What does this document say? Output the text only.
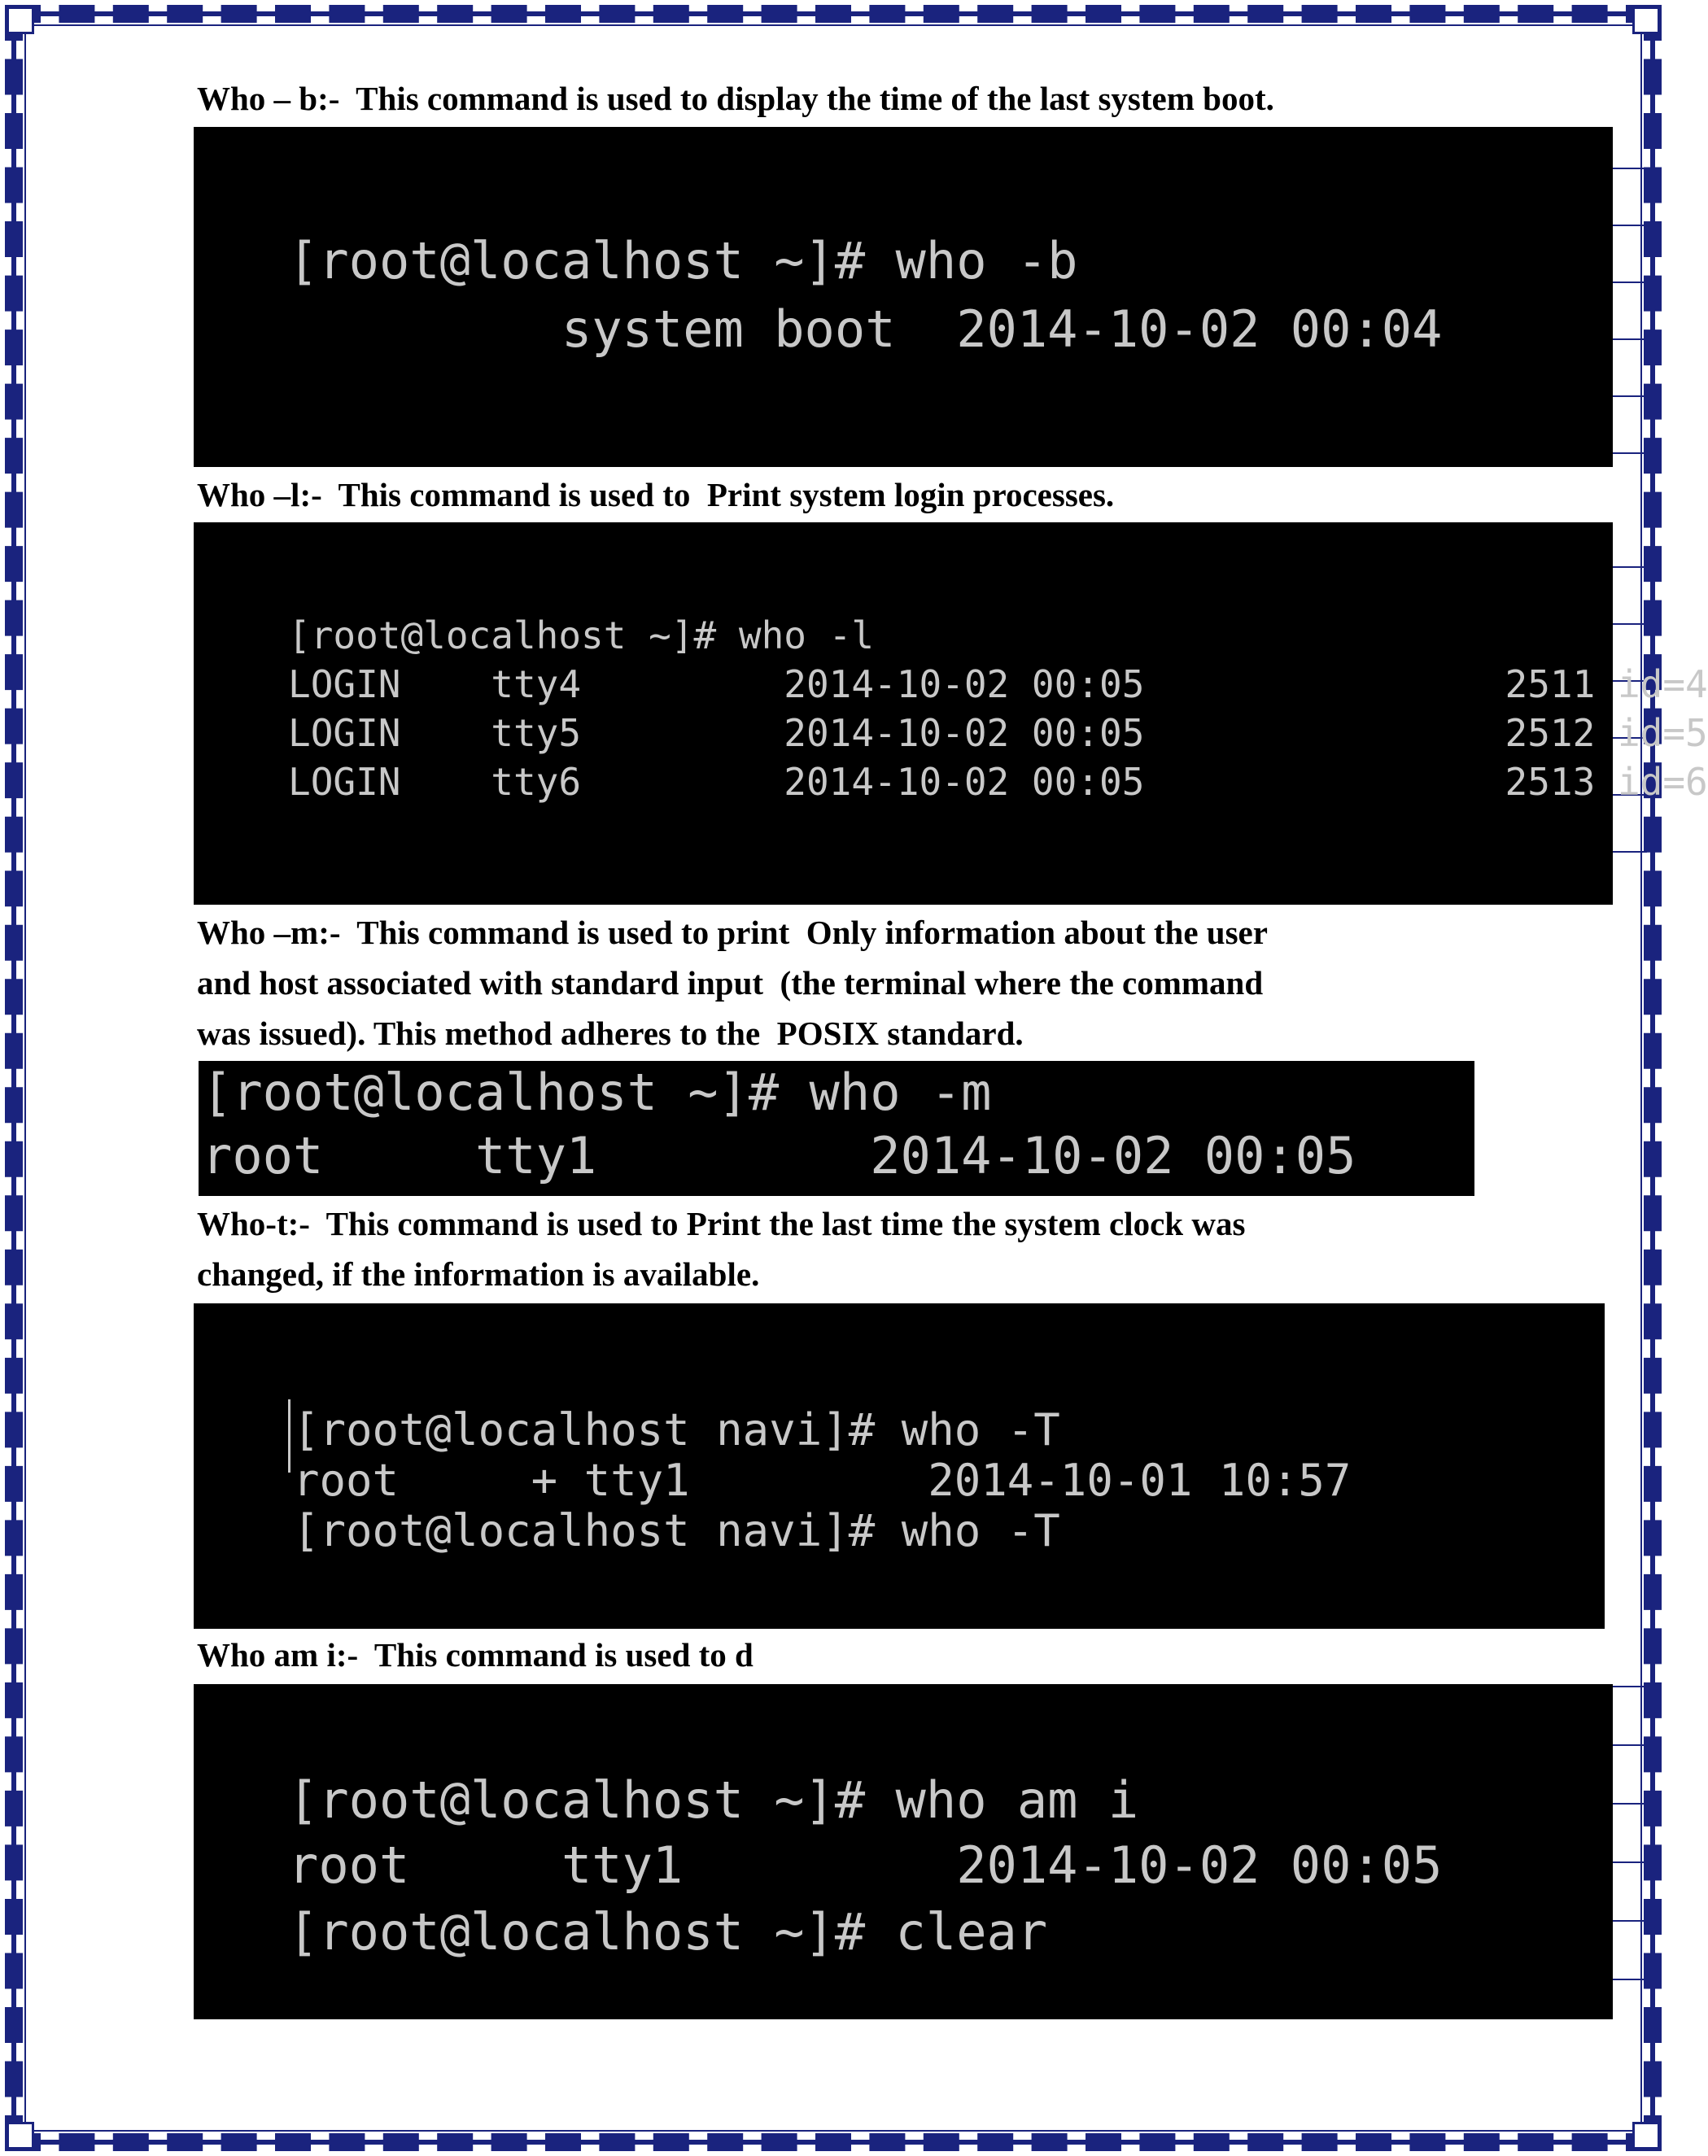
Who – b:-  This command is used to display the time of the last system boot.

[root@localhost ~]# who -b

system boot  2014-10-02 00:04

Who –l:-  This command is used to  Print system login processes.

[root@localhost ~]# who -l

LOGIN    tty4         2014-10-02 00:05                2511 id=4

LOGIN    tty5         2014-10-02 00:05                2512 id=5

LOGIN    tty6         2014-10-02 00:05                2513 id=6

Who –m:-  This command is used to print  Only information about the user
and host associated with standard input  (the terminal where the command
was issued). This method adheres to the  POSIX standard.

[root@localhost ~]# who -m

root     tty1         2014-10-02 00:05

Who-t:-  This command is used to Print the last time the system clock was
changed, if the information is available.

[root@localhost navi]# who -T

root     + tty1         2014-10-01 10:57

[root@localhost navi]# who -T

Who am i:-  This command is used to d

[root@localhost ~]# who am i

root     tty1         2014-10-02 00:05

[root@localhost ~]# clear
